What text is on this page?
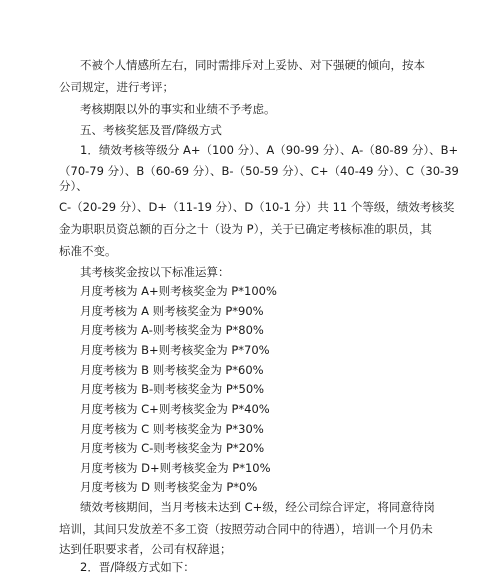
不被个人情感所左右，同时需排斥对上妥协、对下强硬的倾向，按本

公司规定，进行考评；

考核期限以外的事实和业绩不予考虑。

五、考核奖惩及晋/降级方式

1．绩效考核等级分 A+（100 分）、A（90-99 分）、A-（80-89 分）、B+

（70-79 分）、B（60-69 分）、B-（50-59 分）、C+（40-49 分）、C（30-39

分）、

C-（20-29 分）、D+（11-19 分）、D（10-1 分）共 11 个等级，绩效考核奖

金为职职员资总额的百分之十（设为 P），关于已确定考核标准的职员，其

标准不变。

其考核奖金按以下标准运算：

月度考核为 A+则考核奖金为 P*100%

月度考核为 A 则考核奖金为 P*90%

月度考核为 A-则考核奖金为 P*80%

月度考核为 B+则考核奖金为 P*70%

月度考核为 B 则考核奖金为 P*60%

月度考核为 B-则考核奖金为 P*50%

月度考核为 C+则考核奖金为 P*40%

月度考核为 C 则考核奖金为 P*30%

月度考核为 C-则考核奖金为 P*20%

月度考核为 D+则考核奖金为 P*10%

月度考核为 D 则考核奖金为 P*0%

绩效考核期间，当月考核未达到 C+级，经公司综合评定，将同意待岗

培训，其间只发放差不多工资（按照劳动合同中的待遇），培训一个月仍未

达到任职要求者，公司有权辞退；

2．晋/降级方式如下：
